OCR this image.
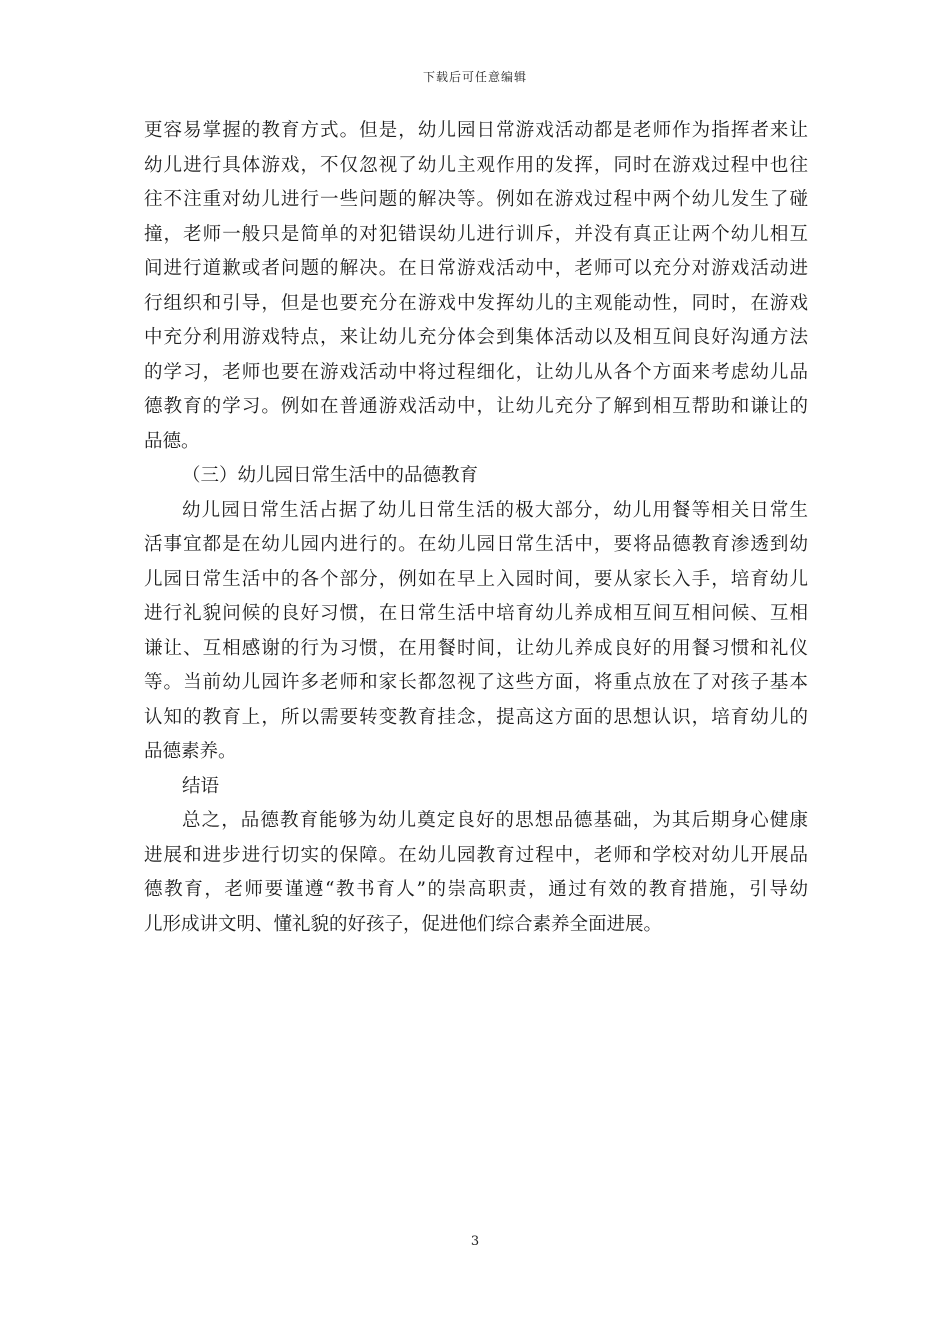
下载后可任意编辑
更容易掌握的教育方式。但是，幼儿园日常游戏活动都是老师作为指挥者来让
幼儿进行具体游戏，不仅忽视了幼儿主观作用的发挥，同时在游戏过程中也往
往不注重对幼儿进行一些问题的解决等。例如在游戏过程中两个幼儿发生了碰
撞，老师一般只是简单的对犯错误幼儿进行训斥，并没有真正让两个幼儿相互
间进行道歉或者问题的解决。在日常游戏活动中，老师可以充分对游戏活动进
行组织和引导，但是也要充分在游戏中发挥幼儿的主观能动性，同时，在游戏
中充分利用游戏特点，来让幼儿充分体会到集体活动以及相互间良好沟通方法
的学习，老师也要在游戏活动中将过程细化，让幼儿从各个方面来考虑幼儿品
德教育的学习。例如在普通游戏活动中，让幼儿充分了解到相互帮助和谦让的
品德。
（三）幼儿园日常生活中的品德教育
幼儿园日常生活占据了幼儿日常生活的极大部分，幼儿用餐等相关日常生
活事宜都是在幼儿园内进行的。在幼儿园日常生活中，要将品德教育渗透到幼
儿园日常生活中的各个部分，例如在早上入园时间，要从家长入手，培育幼儿
进行礼貌问候的良好习惯，在日常生活中培育幼儿养成相互间互相问候、互相
谦让、互相感谢的行为习惯，在用餐时间，让幼儿养成良好的用餐习惯和礼仪
等。当前幼儿园许多老师和家长都忽视了这些方面，将重点放在了对孩子基本
认知的教育上，所以需要转变教育挂念，提高这方面的思想认识，培育幼儿的
品德素养。
结语
总之，品德教育能够为幼儿奠定良好的思想品德基础，为其后期身心健康
进展和进步进行切实的保障。在幼儿园教育过程中，老师和学校对幼儿开展品
德教育，老师要谨遵“教书育人”的崇高职责，通过有效的教育措施，引导幼
儿形成讲文明、懂礼貌的好孩子，促进他们综合素养全面进展。
3
